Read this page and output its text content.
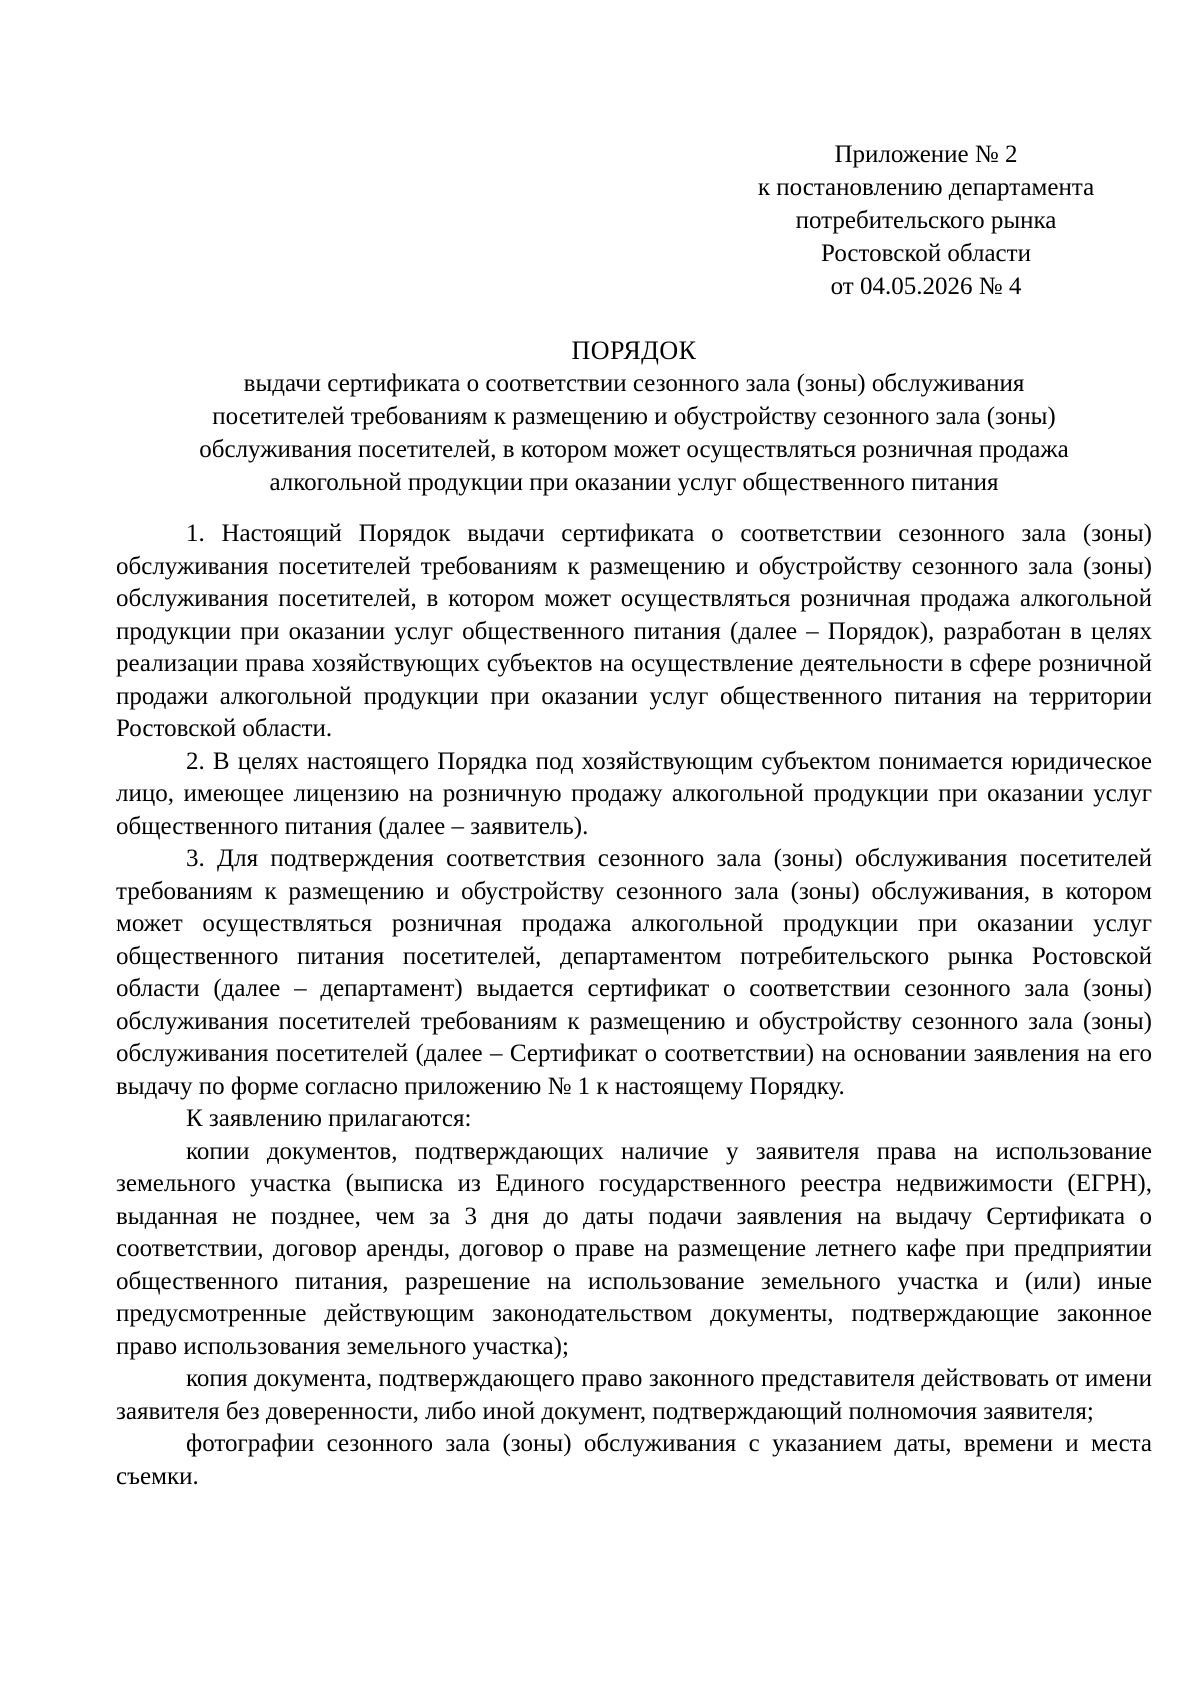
Приложение № 2
к постановлению департамента
потребительского рынка
Ростовской области
от 04.05.2026 № 4
ПОРЯДОК
выдачи сертификата о соответствии сезонного зала (зоны) обслуживания
посетителей требованиям к размещению и обустройству сезонного зала (зоны)
обслуживания посетителей, в котором может осуществляться розничная продажа
алкогольной продукции при оказании услуг общественного питания

1. Настоящий Порядок выдачи сертификата о соответствии сезонного зала (зоны) обслуживания посетителей требованиям к размещению и обустройству сезонного зала (зоны) обслуживания посетителей, в котором может осуществляться розничная продажа алкогольной продукции при оказании услуг общественного питания (далее – Порядок), разработан в целях реализации права хозяйствующих субъектов на осуществление деятельности в сфере розничной продажи алкогольной продукции при оказании услуг общественного питания на территории Ростовской области.

2. В целях настоящего Порядка под хозяйствующим субъектом понимается юридическое лицо, имеющее лицензию на розничную продажу алкогольной продукции при оказании услуг общественного питания (далее – заявитель).

3. Для подтверждения соответствия сезонного зала (зоны) обслуживания посетителей требованиям к размещению и обустройству сезонного зала (зоны) обслуживания, в котором может осуществляться розничная продажа алкогольной продукции при оказании услуг общественного питания посетителей, департаментом потребительского рынка Ростовской области (далее – департамент) выдается сертификат о соответствии сезонного зала (зоны) обслуживания посетителей требованиям к размещению и обустройству сезонного зала (зоны) обслуживания посетителей (далее – Сертификат о соответствии) на основании заявления на его выдачу по форме согласно приложению № 1 к настоящему Порядку.

К заявлению прилагаются:

копии документов, подтверждающих наличие у заявителя права на использование земельного участка (выписка из Единого государственного реестра недвижимости (ЕГРН), выданная не позднее, чем за 3 дня до даты подачи заявления на выдачу Сертификата о соответствии, договор аренды, договор о праве на размещение летнего кафе при предприятии общественного питания, разрешение на использование земельного участка и (или) иные предусмотренные действующим законодательством документы, подтверждающие законное право использования земельного участка);

копия документа, подтверждающего право законного представителя действовать от имени заявителя без доверенности, либо иной документ, подтверждающий полномочия заявителя;

фотографии сезонного зала (зоны) обслуживания с указанием даты, времени и места съемки.
